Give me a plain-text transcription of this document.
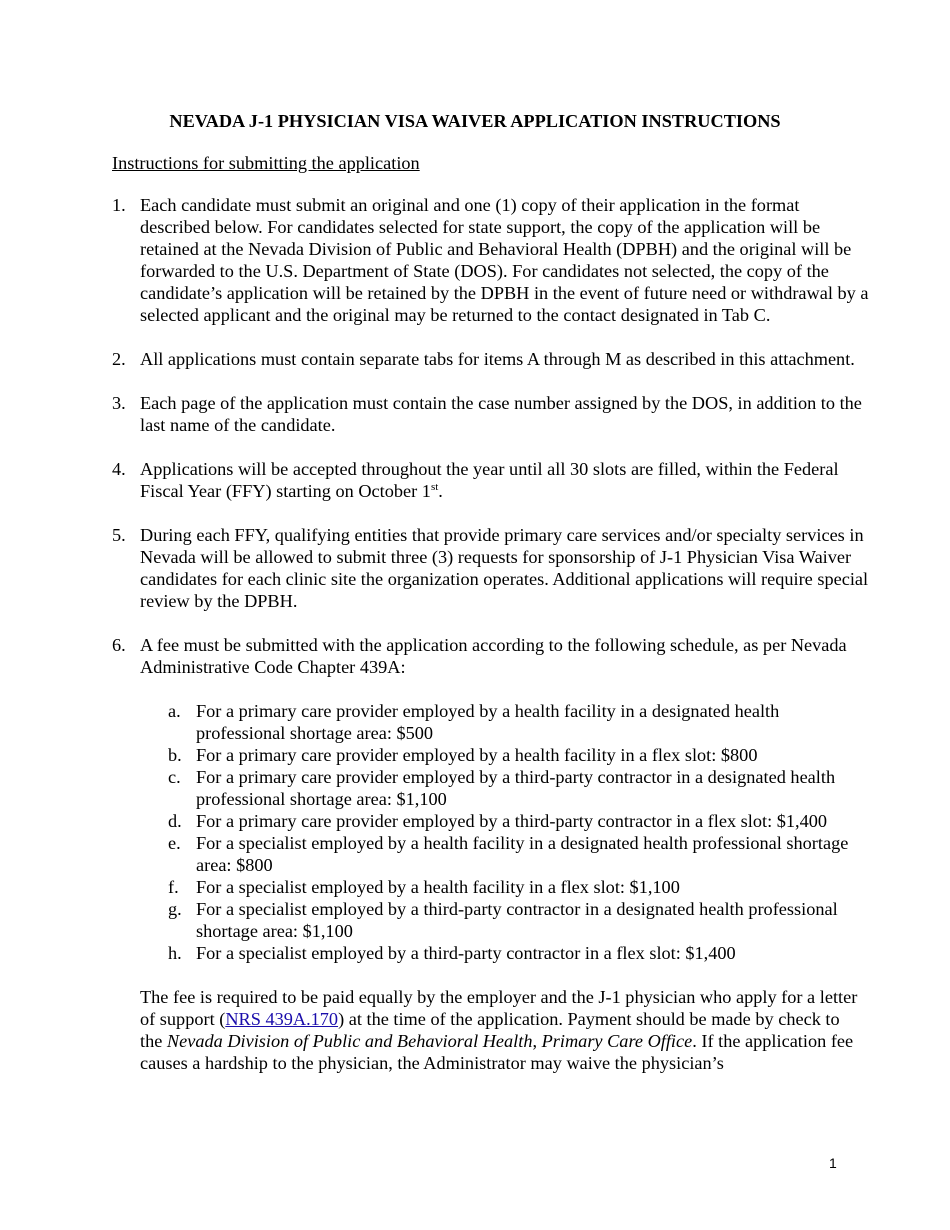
NEVADA J-1 PHYSICIAN VISA WAIVER APPLICATION INSTRUCTIONS
Instructions for submitting the application
1. Each candidate must submit an original and one (1) copy of their application in the format described below. For candidates selected for state support, the copy of the application will be retained at the Nevada Division of Public and Behavioral Health (DPBH) and the original will be forwarded to the U.S. Department of State (DOS). For candidates not selected, the copy of the candidate’s application will be retained by the DPBH in the event of future need or withdrawal by a selected applicant and the original may be returned to the contact designated in Tab C.
2. All applications must contain separate tabs for items A through M as described in this attachment.
3. Each page of the application must contain the case number assigned by the DOS, in addition to the last name of the candidate.
4. Applications will be accepted throughout the year until all 30 slots are filled, within the Federal Fiscal Year (FFY) starting on October 1st.
5. During each FFY, qualifying entities that provide primary care services and/or specialty services in Nevada will be allowed to submit three (3) requests for sponsorship of J-1 Physician Visa Waiver candidates for each clinic site the organization operates. Additional applications will require special review by the DPBH.
6. A fee must be submitted with the application according to the following schedule, as per Nevada Administrative Code Chapter 439A:
a. For a primary care provider employed by a health facility in a designated health professional shortage area: $500
b. For a primary care provider employed by a health facility in a flex slot: $800
c. For a primary care provider employed by a third-party contractor in a designated health professional shortage area: $1,100
d. For a primary care provider employed by a third-party contractor in a flex slot: $1,400
e. For a specialist employed by a health facility in a designated health professional shortage area: $800
f. For a specialist employed by a health facility in a flex slot: $1,100
g. For a specialist employed by a third-party contractor in a designated health professional shortage area: $1,100
h. For a specialist employed by a third-party contractor in a flex slot: $1,400
The fee is required to be paid equally by the employer and the J-1 physician who apply for a letter of support (NRS 439A.170) at the time of the application. Payment should be made by check to the Nevada Division of Public and Behavioral Health, Primary Care Office. If the application fee causes a hardship to the physician, the Administrator may waive the physician’s
1
